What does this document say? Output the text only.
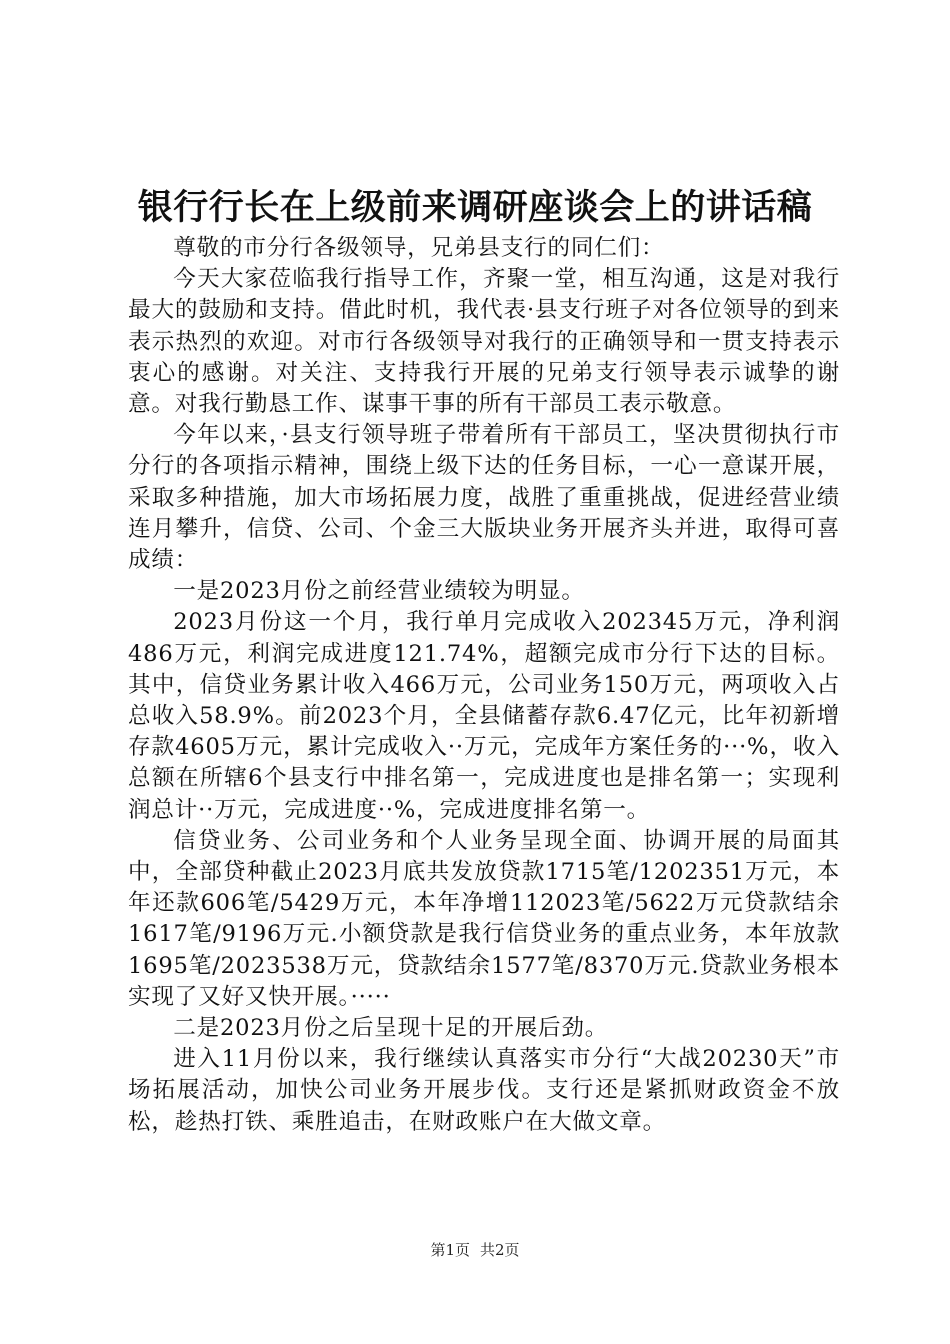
银行行长在上级前来调研座谈会上的讲话稿

尊敬的市分行各级领导，兄弟县支行的同仁们：

今天大家莅临我行指导工作，齐聚一堂，相互沟通，这是对我行最大的鼓励和支持。借此时机，我代表·县支行班子对各位领导的到来表示热烈的欢迎。对市行各级领导对我行的正确领导和一贯支持表示衷心的感谢。对关注、支持我行开展的兄弟支行领导表示诚挚的谢意。对我行勤恳工作、谋事干事的所有干部员工表示敬意。

今年以来，·县支行领导班子带着所有干部员工，坚决贯彻执行市分行的各项指示精神，围绕上级下达的任务目标，一心一意谋开展，采取多种措施，加大市场拓展力度，战胜了重重挑战，促进经营业绩连月攀升，信贷、公司、个金三大版块业务开展齐头并进，取得可喜成绩：

一是2023月份之前经营业绩较为明显。

2023月份这一个月，我行单月完成收入202345万元，净利润486万元，利润完成进度121.74%，超额完成市分行下达的目标。其中，信贷业务累计收入466万元，公司业务150万元，两项收入占总收入58.9%。前2023个月，全县储蓄存款6.47亿元，比年初新增存款4605万元，累计完成收入··万元，完成年方案任务的···%，收入总额在所辖6个县支行中排名第一，完成进度也是排名第一；实现利润总计··万元，完成进度··%，完成进度排名第一。

信贷业务、公司业务和个人业务呈现全面、协调开展的局面其中，全部贷种截止2023月底共发放贷款1715笔/1202351万元，本年还款606笔/5429万元，本年净增112023笔/5622万元贷款结余1617笔/9196万元.小额贷款是我行信贷业务的重点业务，本年放款1695笔/2023538万元，贷款结余1577笔/8370万元.贷款业务根本实现了又好又快开展。·····

二是2023月份之后呈现十足的开展后劲。

进入11月份以来，我行继续认真落实市分行“大战20230天”市场拓展活动，加快公司业务开展步伐。支行还是紧抓财政资金不放松，趁热打铁、乘胜追击，在财政账户在大做文章。

第1页 共2页
